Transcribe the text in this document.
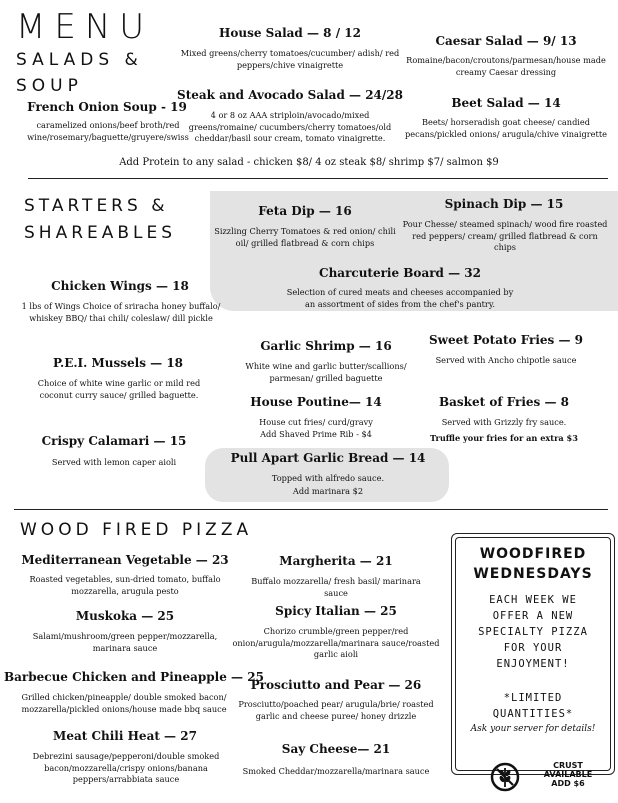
MENU
SALADS &
SOUP
French Onion Soup - 19
caramelized onions/beef broth/red wine/rosemary/baguette/gruyere/swiss
House Salad — 8 / 12
Mixed greens/cherry tomatoes/cucumber/ adish/ red peppers/chive vinaigrette
Steak and Avocado Salad — 24/28
4 or 8 oz AAA striploin/avocado/mixed greens/romaine/ cucumbers/cherry tomatoes/old cheddar/basil sour cream, tomato vinaigrette.
Caesar Salad — 9/ 13
Romaine/bacon/croutons/parmesan/house made creamy Caesar dressing
Beet Salad — 14
Beets/ horseradish goat cheese/ candied pecans/pickled onions/ arugula/chive vinaigrette
Add Protein to any salad - chicken $8/ 4 oz steak $8/ shrimp $7/ salmon $9
STARTERS &
SHAREABLES
Feta Dip — 16
Sizzling Cherry Tomatoes & red onion/ chili oil/ grilled flatbread & corn chips
Spinach Dip — 15
Pour Chesse/ steamed spinach/ wood fire roasted red peppers/ cream/ grilled flatbread & corn chips
Charcuterie Board — 32
Selection of cured meats and cheeses accompanied by an assortment of sides from the chef's pantry.
Chicken Wings — 18
1 lbs of Wings Choice of sriracha honey buffalo/ whiskey BBQ/ thai chili/ coleslaw/ dill pickle
P.E.I. Mussels — 18
Choice of white wine garlic or mild red coconut curry sauce/ grilled baguette.
Crispy Calamari — 15
Served with lemon caper aioli
Garlic Shrimp — 16
White wine and garlic butter/scallions/ parmesan/ grilled baguette
House Poutine— 14
House cut fries/ curd/gravy
Add Shaved Prime Rib - $4
Sweet Potato Fries — 9
Served with Ancho chipotle sauce
Basket of Fries — 8
Served with Grizzly fry sauce.
Truffle your fries for an extra $3
Pull Apart Garlic Bread — 14
Topped with alfredo sauce.
Add marinara $2
WOOD FIRED PIZZA
Mediterranean Vegetable — 23
Roasted vegetables, sun-dried tomato, buffalo mozzarella, arugula pesto
Muskoka — 25
Salami/mushroom/green pepper/mozzarella, marinara sauce
Barbecue Chicken and Pineapple — 25
Grilled chicken/pineapple/ double smoked bacon/ mozzarella/pickled onions/house made bbq sauce
Meat Chili Heat — 27
Debrezini sausage/pepperoni/double smoked bacon/mozzarella/crispy onions/banana peppers/arrabbiata sauce
Margherita — 21
Buffalo mozzarella/ fresh basil/ marinara sauce
Spicy Italian — 25
Chorizo crumble/green pepper/red onion/arugula/mozzarella/marinara sauce/roasted garlic aioli
Prosciutto and Pear — 26
Prosciutto/poached pear/ arugula/brie/ roasted garlic and cheese puree/ honey drizzle
Say Cheese— 21
Smoked Cheddar/mozzarella/marinara sauce
WOODFIRED
WEDNESDAYS
EACH WEEK WE
OFFER A NEW
SPECIALTY PIZZA
FOR YOUR
ENJOYMENT!
*LIMITED
QUANTITIES*
Ask your server for details!
CRUST
AVAILABLE
ADD $6
